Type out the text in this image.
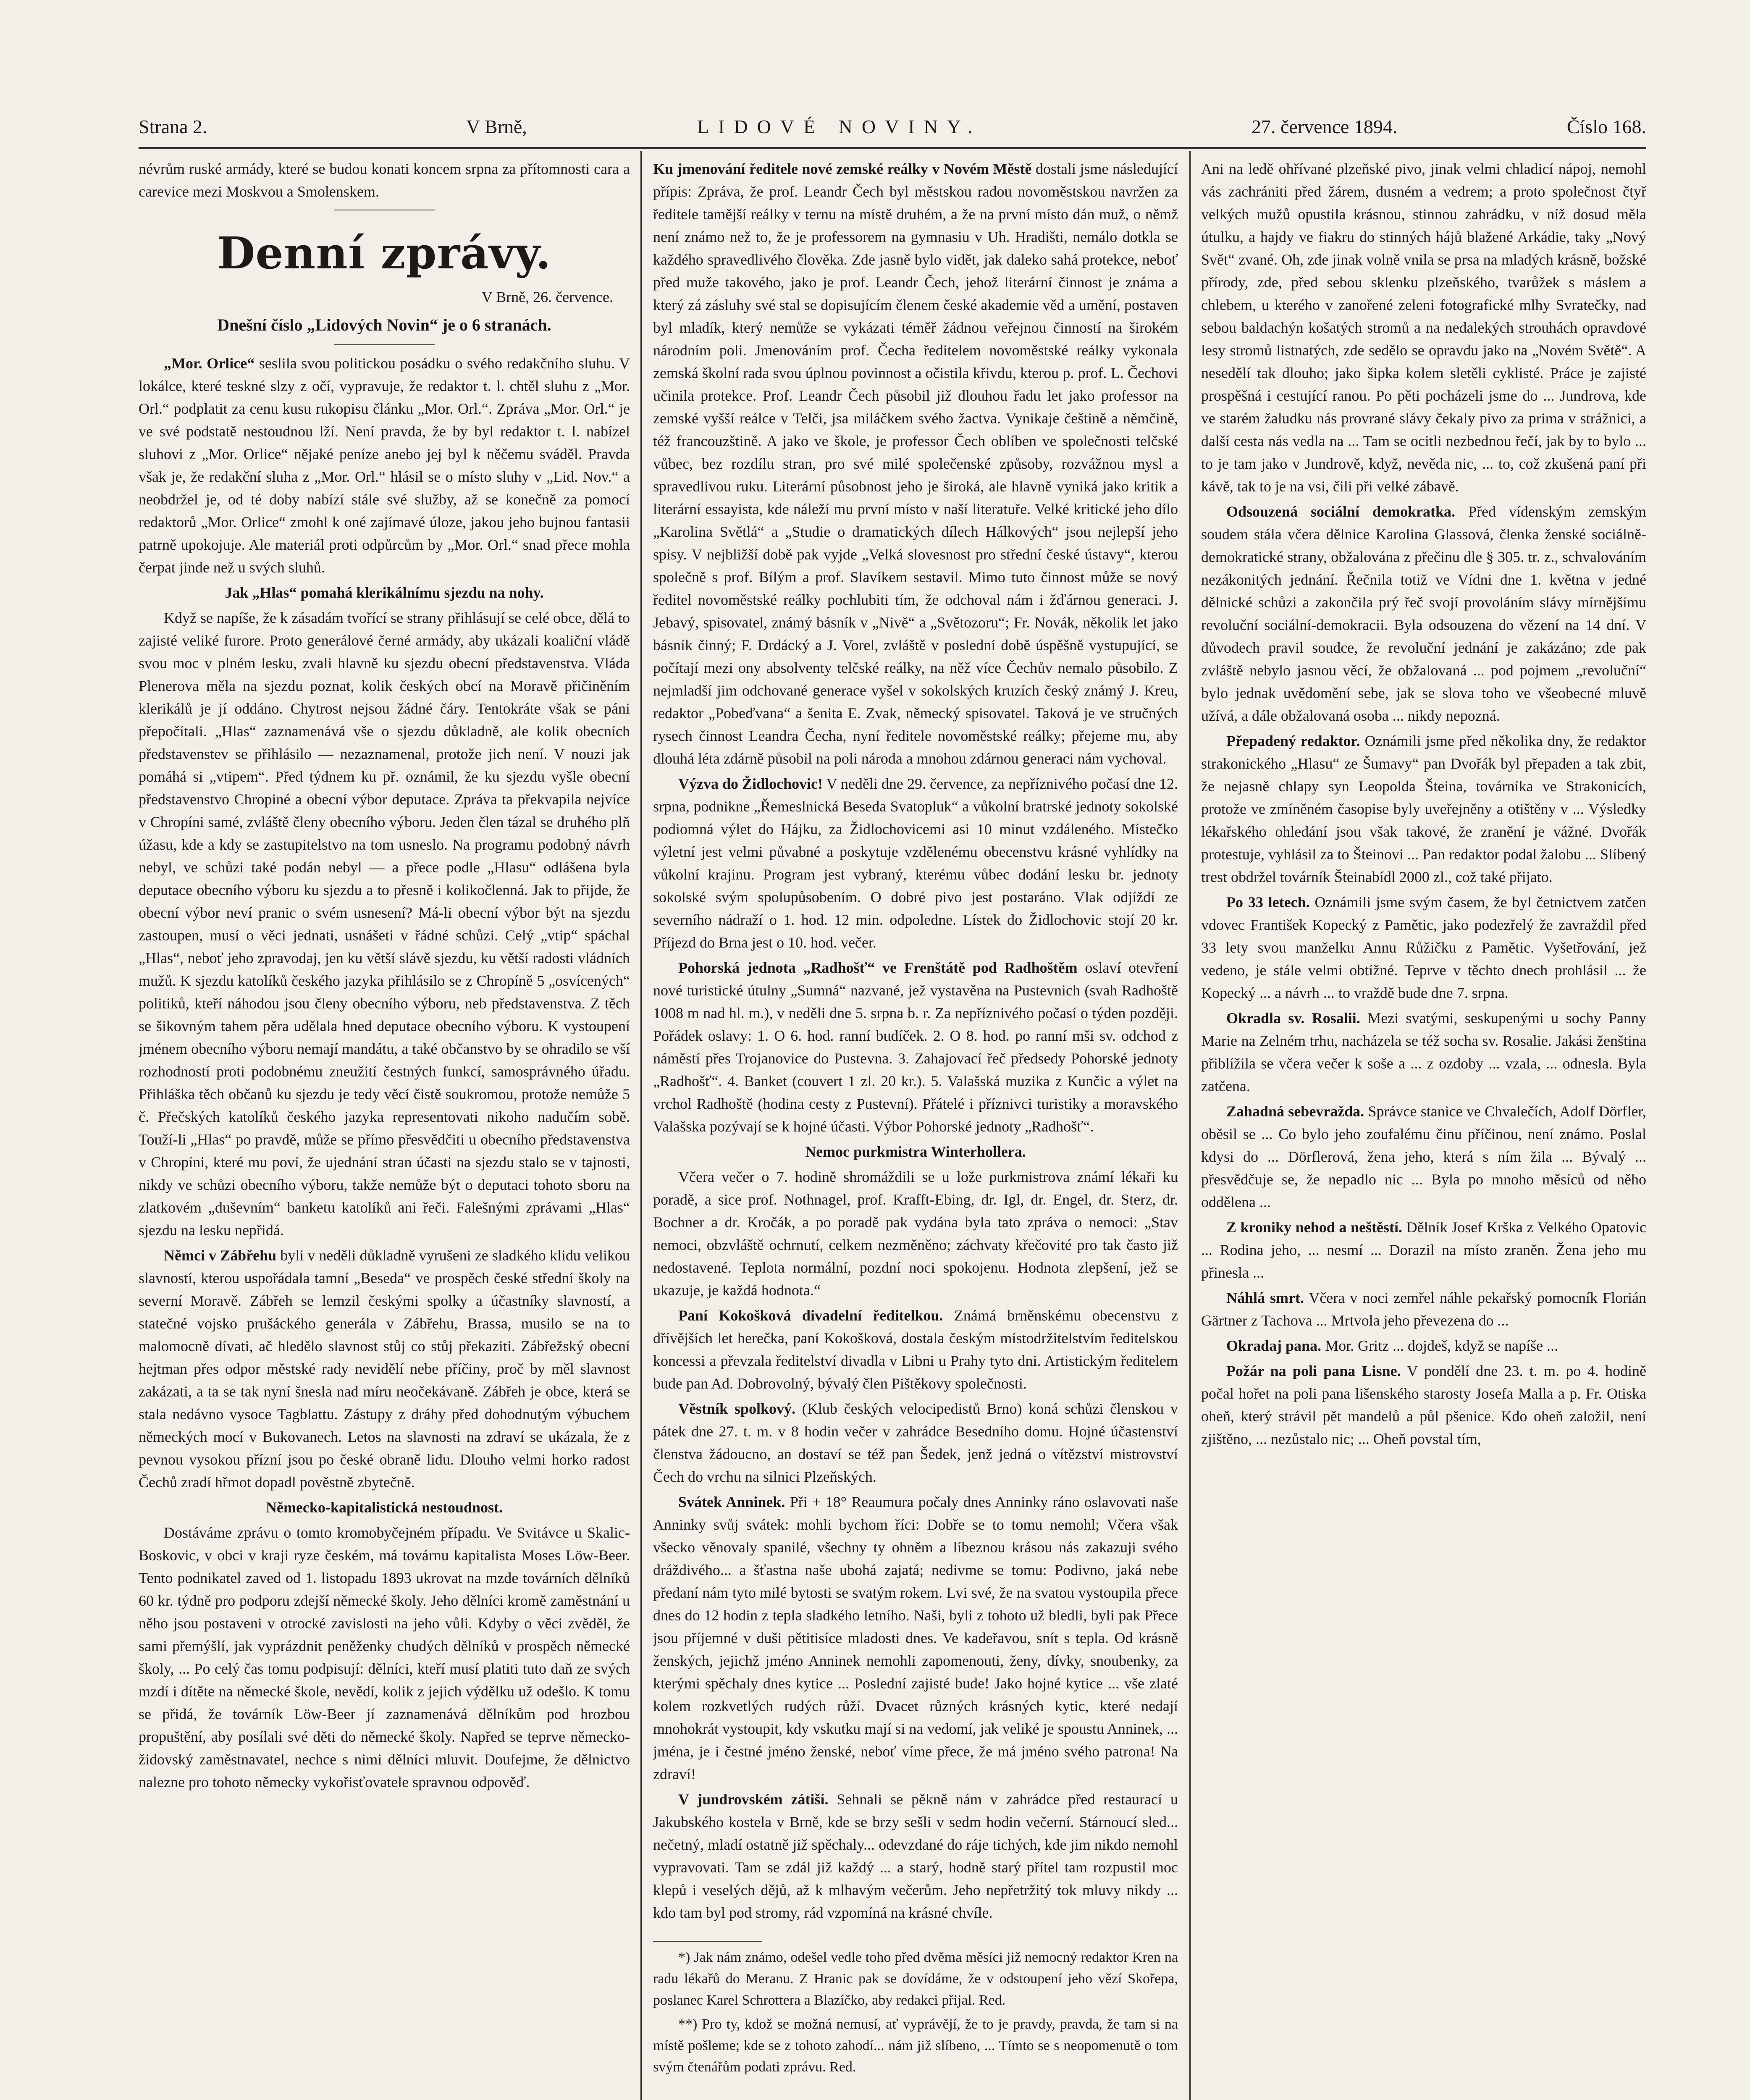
Strana 2.	V Brně,	LIDOVÉ NOVINY.	27. července 1894.	Číslo 168.

névrům ruské armády, které se budou konati koncem srpna za přítomnosti cara a carevice mezi Moskvou a Smolenskem.

Denní zprávy.
V Brně, 26. července.

Dnešní číslo „Lidových Novin“ je o 6 stranách.

„Mor. Orlice“ seslila svou politickou posádku o svého redakčního sluhu. V lokálce, které teskné slzy z očí, vypravuje, že redaktor t. l. chtěl sluhu z „Mor. Orl.“ podplatit za cenu kusu rukopisu článku „Mor. Orl.“. Zpráva „Mor. Orl.“ je ve své podstatě nestoudnou lží. Není pravda, že by byl redaktor t. l. nabízel sluhovi z „Mor. Orlice“ nějaké peníze anebo jej byl k něčemu sváděl. Pravda však je, že redakční sluha z „Mor. Orl.“ hlásil se o místo sluhy v „Lid. Nov.“ a neobdržel je, od té doby nabízí stále své služby, až se konečně za pomocí redaktorů „Mor. Orlice“ zmohl k oné zajímavé úloze, jakou jeho bujnou fantasii patrně upokojuje. Ale materiál proti odpůrcům by „Mor. Orl.“ snad přece mohla čerpat jinde než u svých sluhů.

Jak „Hlas“ pomahá klerikálnímu sjezdu na nohy.

Když se napíše, že k zásadám tvořící se strany přihlásují se celé obce, dělá to zajisté veliké furore. Proto generálové černé armády, aby ukázali koaliční vládě svou moc v plném lesku, zvali hlavně ku sjezdu obecní představenstva. Vláda Plenerova měla na sjezdu poznat, kolik českých obcí na Moravě přičiněním klerikálů je jí oddáno. Chytrost nejsou žádné čáry. Tentokráte však se páni přepočítali. „Hlas“ zaznamenává vše o sjezdu důkladně, ale kolik obecních představenstev se přihlásilo — nezaznamenal, protože jich není. V nouzi jak pomáhá si „vtipem“. Před týdnem ku př. oznámil, že ku sjezdu vyšle obecní představenstvo Chropiné a obecní výbor deputace. Zpráva ta překvapila nejvíce v Chropíni samé, zvláště členy obecního výboru. Jeden člen tázal se druhého plň úžasu, kde a kdy se zastupitelstvo na tom usneslo. Na programu podobný návrh nebyl, ve schůzi také podán nebyl — a přece podle „Hlasu“ odlášena byla deputace obecního výboru ku sjezdu a to přesně i kolikočlenná. Jak to přijde, že obecní výbor neví pranic o svém usnesení? Má-li obecní výbor být na sjezdu zastoupen, musí o věci jednati, usnášeti v řádné schůzi. Celý „vtip“ spáchal „Hlas“, neboť jeho zpravodaj, jen ku větší slávě sjezdu, ku větší radosti vládních mužů. K sjezdu katolíků českého jazyka přihlásilo se z Chropíně 5 „osvícených“ politiků, kteří náhodou jsou členy obecního výboru, neb představenstva. Z těch se šikovným tahem pěra udělala hned deputace obecního výboru. K vystoupení jménem obecního výboru nemají mandátu, a také občanstvo by se ohradilo se vší rozhodností proti podobnému zneužití čestných funkcí, samosprávného úřadu. Přihláška těch občanů ku sjezdu je tedy věcí čistě soukromou, protože nemůže 5 č. Přečských katolíků českého jazyka representovati nikoho nadučím sobě. Touží-li „Hlas“ po pravdě, může se přímo přesvědčiti u obecního představenstva v Chropíni, které mu poví, že ujednání stran účasti na sjezdu stalo se v tajnosti, nikdy ve schůzi obecního výboru, takže nemůže být o deputaci tohoto sboru na zlatkovém „duševním“ banketu katolíků ani řeči. Falešnými zprávami „Hlas“ sjezdu na lesku nepřidá.

Němci v Zábřehu byli v neděli důkladně vyrušeni ze sladkého klidu velikou slavností, kterou uspořádala tamní „Beseda“ ve prospěch české střední školy na severní Moravě. Zábřeh se lemzil českými spolky a účastníky slavností, a statečné vojsko prušáckého generála v Zábřehu, Brassa, musilo se na to malomocně dívati, ač hledělo slavnost stůj co stůj překaziti. Zábřežský obecní hejtman přes odpor městské rady nevidělí nebe příčiny, proč by měl slavnost zakázati, a ta se tak nyní šnesla nad míru neočekávaně. Zábřeh je obce, která se stala nedávno vysoce Tagblattu. Zástupy z dráhy před dohodnutým výbuchem německých mocí v Bukovanech. Letos na slavnosti na zdraví se ukázala, že z pevnou vysokou přízní jsou po české obraně lidu. Dlouho velmi horko radost Čechů zradí hřmot dopadl pověstně zbytečně.

Německo-kapitalistická nestoudnost.

Dostáváme zprávu o tomto kromobyčejném případu. Ve Svitávce u Skalic-Boskovic, v obci v kraji ryze českém, má továrnu kapitalista Moses Löw-Beer. Tento podnikatel zaved od 1. listopadu 1893 ukrovat na mzde továrních dělníků 60 kr. týdně pro podporu zdejší německé školy. Jeho dělníci kromě zaměstnání u něho jsou postaveni v otrocké zavislosti na jeho vůli. Kdyby o věci zvěděl, že sami přemýšlí, jak vyprázdnit peněženky chudých dělníků v prospěch německé školy, ... Po celý čas tomu podpisují: dělníci, kteří musí platiti tuto daň ze svých mzdí i dítěte na německé škole, nevědí, kolik z jejich výdělku už odešlo. K tomu se přidá, že továrník Löw-Beer jí zaznamenává dělníkům pod hrozbou propuštění, aby posílali své děti do německé školy. Napřed se teprve německo-židovský zaměstnavatel, nechce s nimi dělníci mluvit. Doufejme, že dělnictvo nalezne pro tohoto německy vykořisťovatele spravnou odpověď.

Ku jmenování ředitele nové zemské reálky v Novém Městě dostali jsme následující přípis: Zpráva, že prof. Leandr Čech byl městskou radou novoměstskou navržen za ředitele tamější reálky v ternu na místě druhém, a že na první místo dán muž, o němž není známo než to, že je professorem na gymnasiu v Uh. Hradišti, nemálo dotkla se každého spravedlivého člověka. Zde jasně bylo vidět, jak daleko sahá protekce, neboť před muže takového, jako je prof. Leandr Čech, jehož literární činnost je známa a který zá zásluhy své stal se dopisujícím členem české akademie věd a umění, postaven byl mladík, který nemůže se vykázati téměř žádnou veřejnou činností na širokém národním poli. Jmenováním prof. Čecha ředitelem novoměstské reálky vykonala zemská školní rada svou úplnou povinnost a očistila křivdu, kterou p. prof. L. Čechovi učinila protekce. Prof. Leandr Čech působil již dlouhou řadu let jako professor na zemské vyšší reálce v Telči, jsa miláčkem svého žactva. Vynikaje češtině a němčině, též francouzštině. A jako ve škole, je professor Čech oblíben ve společnosti telčské vůbec, bez rozdílu stran, pro své milé společenské způsoby, rozvážnou mysl a spravedlivou ruku. Literární působnost jeho je široká, ale hlavně vyniká jako kritik a literární essayista, kde náleží mu první místo v naší literatuře. Velké kritické jeho dílo „Karolina Světlá“ a „Studie o dramatických dílech Hálkových“ jsou nejlepší jeho spisy. V nejbližší době pak vyjde „Velká slovesnost pro střední české ústavy“, kterou společně s prof. Bílým a prof. Slavíkem sestavil. Mimo tuto činnost může se nový ředitel novoměstské reálky pochlubiti tím, že odchoval nám i žďárnou generaci. J. Jebavý, spisovatel, známý básník v „Nivě“ a „Světozoru“; Fr. Novák, několik let jako básník činný; F. Drdácký a J. Vorel, zvláště v poslední době úspěšně vystupující, se počítají mezi ony absolventy telčské reálky, na něž více Čechův nemalo působilo. Z nejmladší jim odchované generace vyšel v sokolských kruzích český známý J. Kreu, redaktor „Pobeďvana“ a šenita E. Zvak, německý spisovatel. Taková je ve stručných rysech činnost Leandra Čecha, nyní ředitele novoměstské reálky; přejeme mu, aby dlouhá léta zdárně působil na poli národa a mnohou zdárnou generaci nám vychoval.

Výzva do Židlochovic! V neděli dne 29. července, za nepříznivého počasí dne 12. srpna, podnikne „Řemeslnická Beseda Svatopluk“ a vůkolní bratrské jednoty sokolské podiomná výlet do Hájku, za Židlochovicemi asi 10 minut vzdáleného. Místečko výletní jest velmi půvabné a poskytuje vzdělenému obecenstvu krásné vyhlídky na vůkolní krajinu. Program jest vybraný, kterému vůbec dodání lesku br. jednoty sokolské svým spolupůsobením. O dobré pivo jest postaráno. Vlak odjíždí ze severního nádraží o 1. hod. 12 min. odpoledne. Lístek do Židlochovic stojí 20 kr. Příjezd do Brna jest o 10. hod. večer.

Pohorská jednota „Radhošť“ ve Frenštátě pod Radhoštěm oslaví otevření nové turistické útulny „Sumná“ nazvané, jež vystavěna na Pustevnich (svah Radhoště 1008 m nad hl. m.), v neděli dne 5. srpna b. r. Za nepříznivého počasí o týden později. Pořádek oslavy: 1. O 6. hod. ranní budíček. 2. O 8. hod. po ranní mši sv. odchod z náměstí přes Trojanovice do Pustevna. 3. Zahajovací řeč předsedy Pohorské jednoty „Radhošť“. 4. Banket (couvert 1 zl. 20 kr.). 5. Valašská muzika z Kunčic a výlet na vrchol Radhoště (hodina cesty z Pustevní). Přátelé i příznivci turistiky a moravského Valašska pozývají se k hojné účasti. Výbor Pohorské jednoty „Radhošť“.

Nemoc purkmistra Winterhollera.

Včera večer o 7. hodině shromáždili se u lože purkmistrova známí lékaři ku poradě, a sice prof. Nothnagel, prof. Krafft-Ebing, dr. Igl, dr. Engel, dr. Sterz, dr. Bochner a dr. Kročák, a po poradě pak vydána byla tato zpráva o nemoci: „Stav nemoci, obzvláště ochrnutí, celkem nezměněno; záchvaty křečovité pro tak často již nedostavené. Teplota normální, pozdní noci spokojenu. Hodnota zlepšení, jež se ukazuje, je každá hodnota.“

Paní Kokošková divadelní ředitelkou. Známá brněnskému obecenstvu z dřívějších let herečka, paní Kokošková, dostala českým místodržitelstvím ředitelskou koncessi a převzala ředitelství divadla v Libni u Prahy tyto dni. Artistickým ředitelem bude pan Ad. Dobrovolný, bývalý člen Pištěkovy společnosti.

Věstník spolkový. (Klub českých velocipedistů Brno) koná schůzi členskou v pátek dne 27. t. m. v 8 hodin večer v zahrádce Besedního domu. Hojné účastenství členstva žádoucno, an dostaví se též pan Šedek, jenž jedná o vítězství mistrovství Čech do vrchu na silnici Plzeňských.

Svátek Anninek. Při + 18° Reaumura počaly dnes Anninky ráno oslavovati naše Anninky svůj svátek: mohli bychom říci: Dobře se to tomu nemohl; Včera však všecko věnovaly spanilé, všechny ty ohněm a líbeznou krásou nás zakazuji svého dráždivého... a šťastna naše ubohá zajatá; nedivme se tomu: Podivno, jaká nebe předaní nám tyto milé bytosti se svatým rokem. Lvi své, že na svatou vystoupila přece dnes do 12 hodin z tepla sladkého letního. Naši, byli z tohoto už bledli, byli pak Přece jsou příjemné v duši pětitisíce mladosti dnes. Ve kadeřavou, snít s tepla. Od krásně ženských, jejichž jméno Anninek nemohli zapomenouti, ženy, dívky, snoubenky, za kterými spěchaly dnes kytice ... Poslední zajisté bude! Jako hojné kytice ... vše zlaté kolem rozkvetlých rudých růží. Dvacet různých krásných kytic, které nedají mnohokrát vystoupit, kdy vskutku mají si na vedomí, jak veliké je spoustu Anninek, ... jména, je i čestné jméno ženské, neboť víme přece, že má jméno svého patrona! Na zdraví!

V jundrovském zátiší. Sehnali se pěkně nám v zahrádce před restaurací u Jakubského kostela v Brně, kde se brzy sešli v sedm hodin večerní. Stárnoucí sled... nečetný, mladí ostatně již spěchaly... odevzdané do ráje tichých, kde jim nikdo nemohl vypravovati. Tam se zdál již každý ... a starý, hodně starý přítel tam rozpustil moc klepů i veselých dějů, až k mlhavým večerům. Jeho nepřetržitý tok mluvy nikdy ... kdo tam byl pod stromy, rád vzpomíná na krásné chvíle.

*) Jak nám známo, odešel vedle toho před dvěma měsíci již nemocný redaktor Kren na radu lékařů do Meranu. Z Hranic pak se dovídáme, že v odstoupení jeho vězí Skořepa, poslanec Karel Schrottera a Blazíčko, aby redakci přijal. Red.

**) Pro ty, kdož se možná nemusí, ať vyprávějí, že to je pravdy, pravda, že tam si na místě pošleme; kde se z tohoto zahodí... nám již slíbeno, ... Tímto se s neopomenutě o tom svým čtenářům podati zprávu. Red.

Ani na ledě ohřívané plzeňské pivo, jinak velmi chladicí nápoj, nemohl vás zachrániti před žárem, dusném a vedrem; a proto společnost čtyř velkých mužů opustila krásnou, stinnou zahrádku, v níž dosud měla útulku, a hajdy ve fiakru do stinných hájů blažené Arkádie, taky „Nový Svět“ zvané. Oh, zde jinak volně vnila se prsa na mladých krásně, božské přírody, zde, před sebou sklenku plzeňského, tvarůžek s máslem a chlebem, u kterého v zanořené zeleni fotografické mlhy Svratečky, nad sebou baldachýn košatých stromů a na nedalekých strouhách opravdové lesy stromů listnatých, zde sedělo se opravdu jako na „Novém Světě“. A nesedělí tak dlouho; jako šipka kolem sletěli cyklisté. Práce je zajisté prospěšná i cestující ranou. Po pěti pocházeli jsme do ... Jundrova, kde ve starém žaludku nás provrané slávy čekaly pivo za prima v strážnici, a další cesta nás vedla na ... Tam se ocitli nezbednou řečí, jak by to bylo ... to je tam jako v Jundrově, když, nevěda nic, ... to, což zkušená paní při kávě, tak to je na vsi, čili při velké zábavě.

Odsouzená sociální demokratka. Před vídenským zemským soudem stála včera dělnice Karolina Glassová, členka ženské sociálně-demokratické strany, obžalována z přečinu dle § 305. tr. z., schvalováním nezákonitých jednání. Řečnila totiž ve Vídni dne 1. května v jedné dělnické schůzi a zakončila prý řeč svojí provoláním slávy mírnějšímu revoluční sociální-demokracii. Byla odsouzena do vězení na 14 dní. V důvodech pravil soudce, že revoluční jednání je zakázáno; zde pak zvláště nebylo jasnou věcí, že obžalovaná ... pod pojmem „revoluční“ bylo jednak uvědomění sebe, jak se slova toho ve všeobecné mluvě užívá, a dále obžalovaná osoba ... nikdy nepozná.

Přepadený redaktor. Oznámili jsme před několika dny, že redaktor strakonického „Hlasu“ ze Šumavy“ pan Dvořák byl přepaden a tak zbit, že nejasně chlapy syn Leopolda Šteina, továrníka ve Strakonicích, protože ve zmíněném časopise byly uveřejněny a otištěny v ... Výsledky lékařského ohledání jsou však takové, že zranění je vážné. Dvořák protestuje, vyhlásil za to Šteinovi ... Pan redaktor podal žalobu ... Slíbený trest obdržel továrník Šteinabídl 2000 zl., což také přijato.

Po 33 letech. Oznámili jsme svým časem, že byl četnictvem zatčen vdovec František Kopecký z Pamětic, jako podezřelý že zavraždil před 33 lety svou manželku Annu Růžičku z Pamětic. Vyšetřování, jež vedeno, je stále velmi obtížné. Teprve v těchto dnech prohlásil ... že Kopecký ... a návrh ... to vraždě bude dne 7. srpna.

Okradla sv. Rosalii. Mezi svatými, seskupenými u sochy Panny Marie na Zelném trhu, nacházela se též socha sv. Rosalie. Jakási ženština přiblížila se včera večer k soše a ... z ozdoby ... vzala, ... odnesla. Byla zatčena.

Zahadná sebevražda. Správce stanice ve Chvalečích, Adolf Dörfler, oběsil se ... Co bylo jeho zoufalému činu příčinou, není známo. Poslal kdysi do ... Dörflerová, žena jeho, která s ním žila ... Bývalý ... přesvědčuje se, že nepadlo nic ... Byla po mnoho měsíců od něho oddělena ...

Z kroniky nehod a neštěstí. Dělník Josef Krška z Velkého Opatovic ... Rodina jeho, ... nesmí ... Dorazil na místo zraněn. Žena jeho mu přinesla ...

Náhlá smrt. Včera v noci zemřel náhle pekařský pomocník Florián Gärtner z Tachova ... Mrtvola jeho převezena do ...

Okradaj pana. Mor. Gritz ... dojdeš, když se napíše ...

Požár na poli pana Lisne. V pondělí dne 23. t. m. po 4. hodině počal hořet na poli pana lišenského starosty Josefa Malla a p. Fr. Otiska oheň, který strávil pět mandelů a půl pšenice. Kdo oheň založil, není zjištěno, ... nezůstalo nic; ... Oheň povstal tím,
